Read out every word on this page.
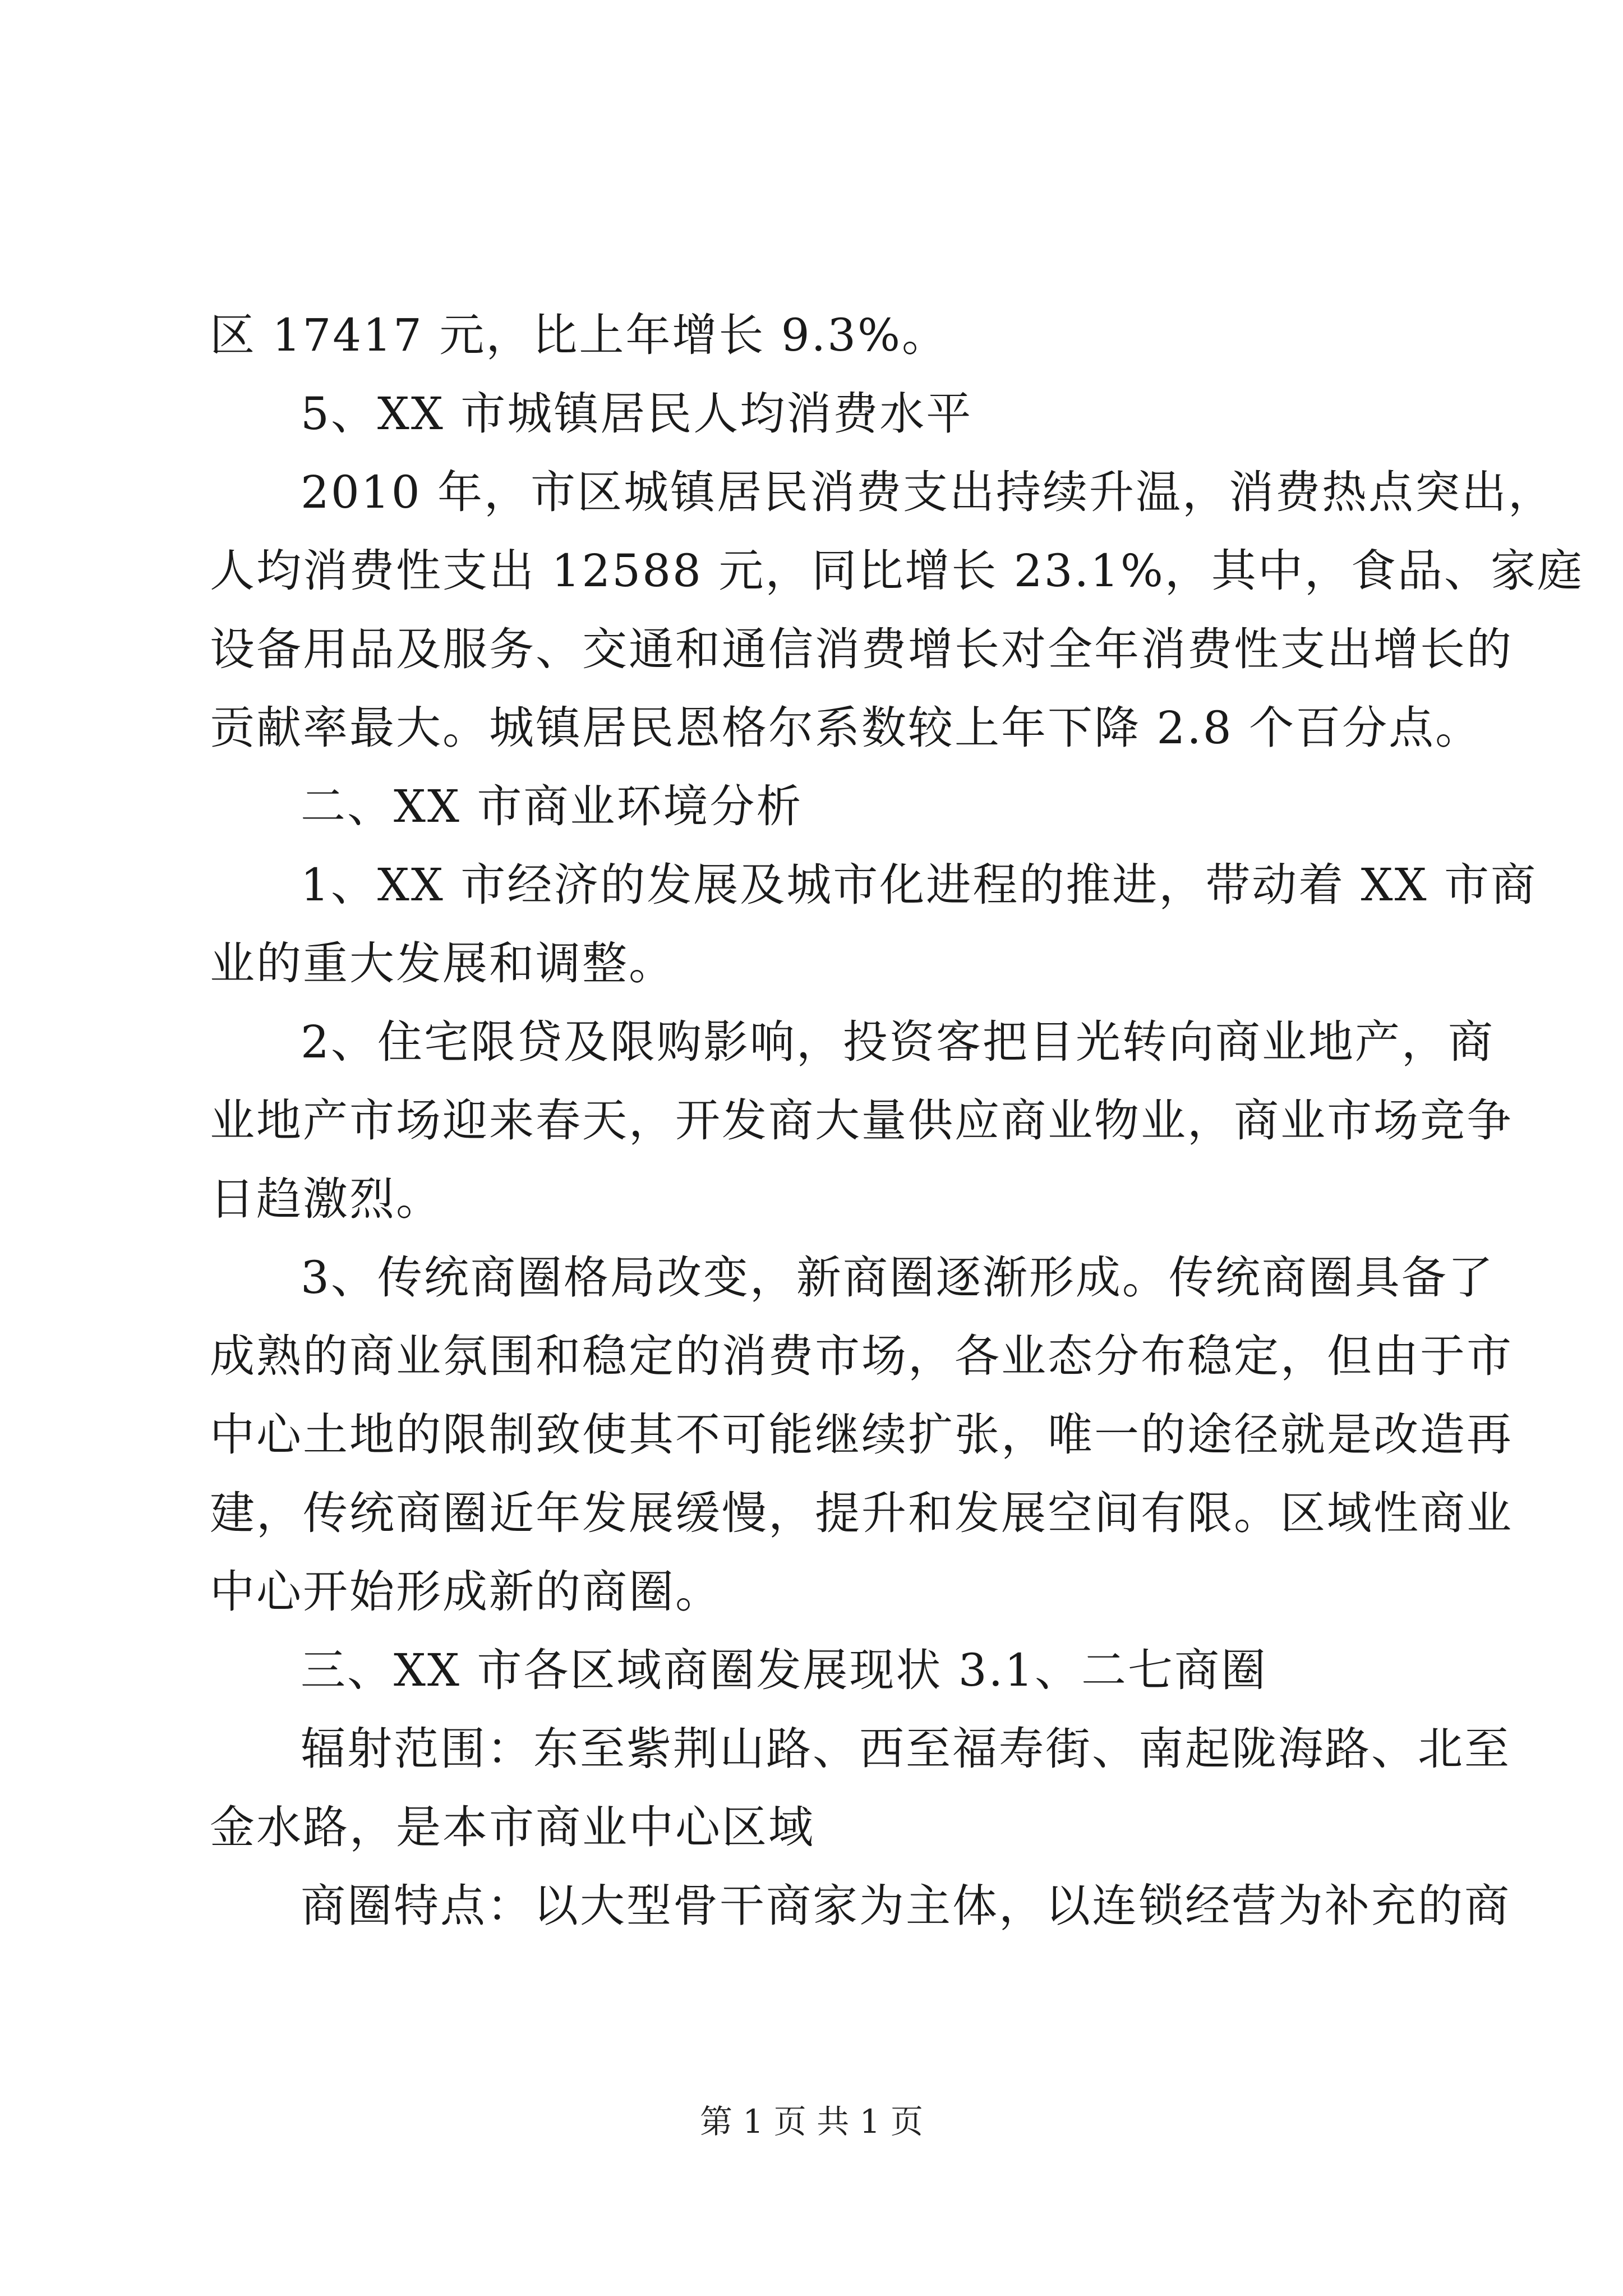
区 17417 元，比上年增长 9.3%。
5、XX 市城镇居民人均消费水平
2010 年，市区城镇居民消费支出持续升温，消费热点突出，
人均消费性支出 12588 元，同比增长 23.1%，其中，食品、家庭
设备用品及服务、交通和通信消费增长对全年消费性支出增长的
贡献率最大。城镇居民恩格尔系数较上年下降 2.8 个百分点。
二、XX 市商业环境分析
1、XX 市经济的发展及城市化进程的推进，带动着 XX 市商
业的重大发展和调整。
2、住宅限贷及限购影响，投资客把目光转向商业地产，商
业地产市场迎来春天，开发商大量供应商业物业，商业市场竞争
日趋激烈。
3、传统商圈格局改变，新商圈逐渐形成。传统商圈具备了
成熟的商业氛围和稳定的消费市场，各业态分布稳定，但由于市
中心土地的限制致使其不可能继续扩张，唯一的途径就是改造再
建，传统商圈近年发展缓慢，提升和发展空间有限。区域性商业
中心开始形成新的商圈。
三、XX 市各区域商圈发展现状 3.1、二七商圈
辐射范围：东至紫荆山路、西至福寿街、南起陇海路、北至
金水路，是本市商业中心区域
商圈特点：以大型骨干商家为主体，以连锁经营为补充的商
第 1 页 共 1 页
